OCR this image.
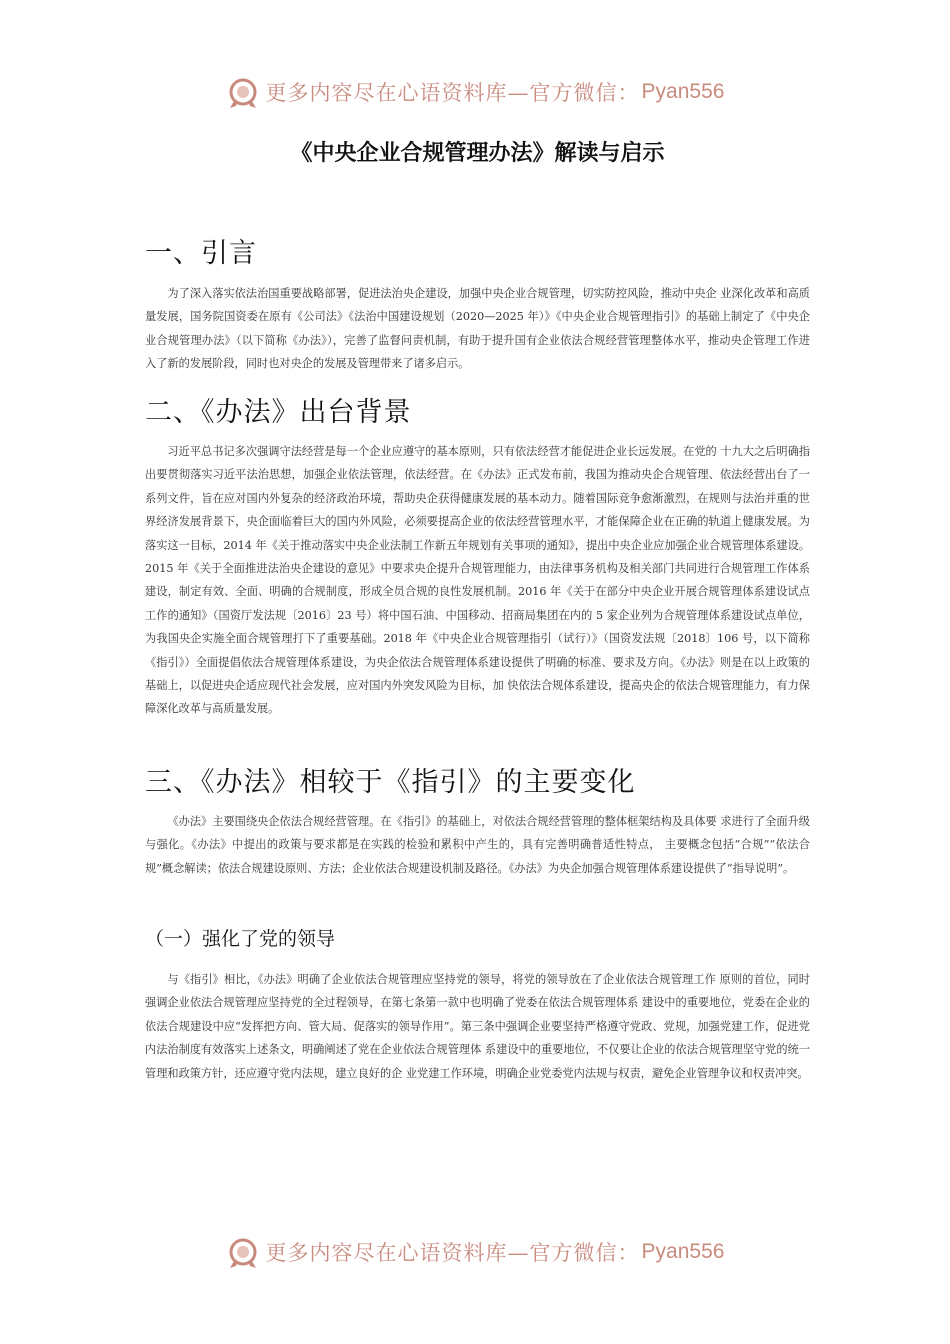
更多内容尽在心语资料库—官方微信： Pyan556
《中央企业合规管理办法》解读与启示
一、引言

为了深入落实依法治国重要战略部署，促进法治央企建设，加强中央企业合规管理，切实防控风险，推动中央企 业深化改革和高质量发展，国务院国资委在原有《公司法》《法治中国建设规划（2020—2025 年）》《中央企业合规管理指引》的基础上制定了《中央企业合规管理办法》（以下简称《办法》），完善了监督问责机制，有助于提升国有企业依法合规经营管理整体水平，推动央企管理工作进入了新的发展阶段，同时也对央企的发展及管理带来了诸多启示。

二、《办法》出台背景

习近平总书记多次强调守法经营是每一个企业应遵守的基本原则，只有依法经营才能促进企业长远发展。在党的 十九大之后明确指出要贯彻落实习近平法治思想，加强企业依法管理，依法经营。在《办法》正式发布前，我国为推动央企合规管理、依法经营出台了一系列文件，旨在应对国内外复杂的经济政治环境，帮助央企获得健康发展的基本动力。随着国际竞争愈渐激烈，在规则与法治并重的世界经济发展背景下，央企面临着巨大的国内外风险，必须要提高企业的依法经营管理水平，才能保障企业在正确的轨道上健康发展。为落实这一目标，2014 年《关于推动落实中央企业法制工作新五年规划有关事项的通知》，提出中央企业应加强企业合规管理体系建设。2015 年《关于全面推进法治央企建设的意见》中要求央企提升合规管理能力，由法律事务机构及相关部门共同进行合规管理工作体系建设，制定有效、全面、明确的合规制度，形成全员合规的良性发展机制。2016 年《关于在部分中央企业开展合规管理体系建设试点工作的通知》（国资厅发法规〔2016〕23 号）将中国石油、中国移动、招商局集团在内的 5 家企业列为合规管理体系建设试点单位，为我国央企实施全面合规管理打下了重要基础。2018 年《中央企业合规管理指引（试行）》（国资发法规〔2018〕106 号，以下简称《指引》）全面提倡依法合规管理体系建设，为央企依法合规管理体系建设提供了明确的标准、要求及方向。《办法》则是在以上政策的基础上，以促进央企适应现代社会发展，应对国内外突发风险为目标，加 快依法合规体系建设，提高央企的依法合规管理能力，有力保障深化改革与高质量发展。

三、《办法》相较于《指引》的主要变化

《办法》主要围绕央企依法合规经营管理。在《指引》的基础上，对依法合规经营管理的整体框架结构及具体要 求进行了全面升级与强化。《办法》中提出的政策与要求都是在实践的检验和累积中产生的，具有完善明确普适性特点， 主要概念包括“合规”“依法合规”概念解读；依法合规建设原则、方法；企业依法合规建设机制及路径。《办法》为央企加强合规管理体系建设提供了“指导说明”。

（一）强化了党的领导

与《指引》相比，《办法》明确了企业依法合规管理应坚持党的领导，将党的领导放在了企业依法合规管理工作 原则的首位，同时强调企业依法合规管理应坚持党的全过程领导，在第七条第一款中也明确了党委在依法合规管理体系 建设中的重要地位，党委在企业的依法合规建设中应“发挥把方向、管大局、促落实的领导作用”。第三条中强调企业要坚持严格遵守党政、党规，加强党建工作，促进党内法治制度有效落实上述条文，明确阐述了党在企业依法合规管理体 系建设中的重要地位，不仅要让企业的依法合规管理坚守党的统一管理和政策方针，还应遵守党内法规，建立良好的企 业党建工作环境，明确企业党委党内法规与权责，避免企业管理争议和权责冲突。

更多内容尽在心语资料库—官方微信： Pyan556
